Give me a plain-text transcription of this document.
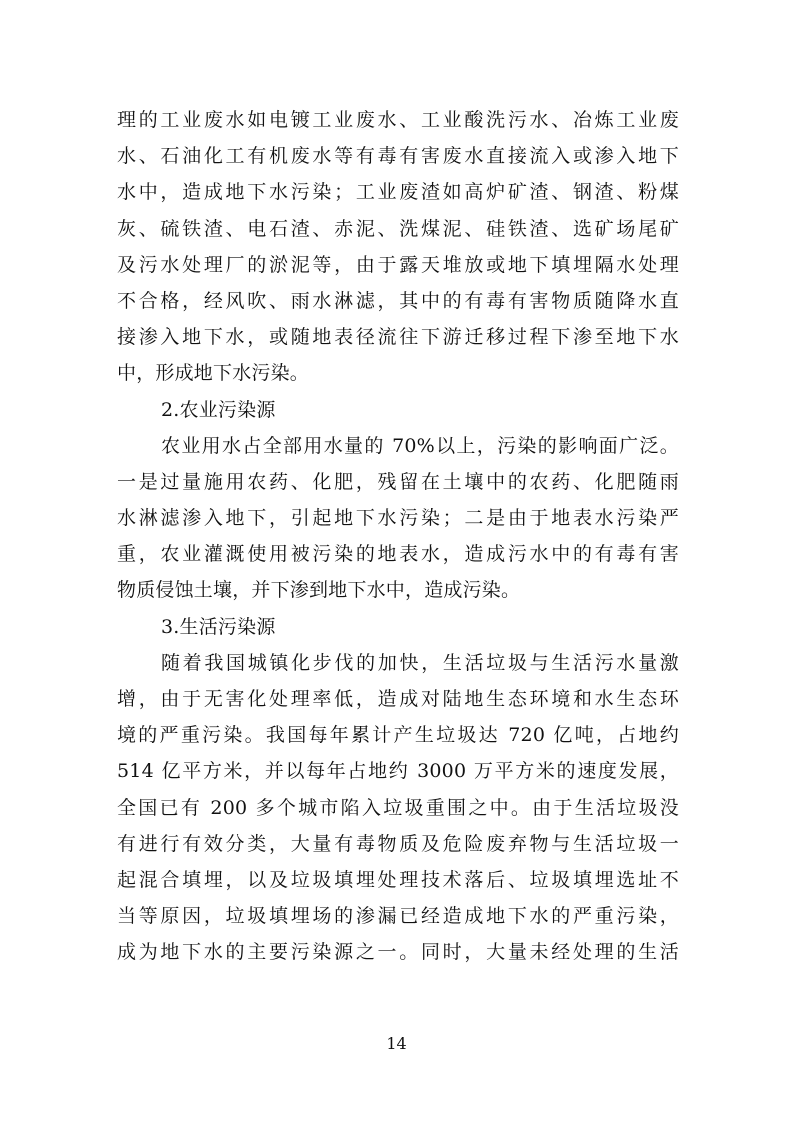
理的工业废水如电镀工业废水、工业酸洗污水、冶炼工业废
水、石油化工有机废水等有毒有害废水直接流入或渗入地下
水中，造成地下水污染；工业废渣如高炉矿渣、钢渣、粉煤
灰、硫铁渣、电石渣、赤泥、洗煤泥、硅铁渣、选矿场尾矿
及污水处理厂的淤泥等，由于露天堆放或地下填埋隔水处理
不合格，经风吹、雨水淋滤，其中的有毒有害物质随降水直
接渗入地下水，或随地表径流往下游迁移过程下渗至地下水
中，形成地下水污染。
2.农业污染源
农业用水占全部用水量的 70%以上，污染的影响面广泛。
一是过量施用农药、化肥，残留在土壤中的农药、化肥随雨
水淋滤渗入地下，引起地下水污染；二是由于地表水污染严
重，农业灌溉使用被污染的地表水，造成污水中的有毒有害
物质侵蚀土壤，并下渗到地下水中，造成污染。
3.生活污染源
随着我国城镇化步伐的加快，生活垃圾与生活污水量激
增，由于无害化处理率低，造成对陆地生态环境和水生态环
境的严重污染。我国每年累计产生垃圾达 720 亿吨，占地约
514 亿平方米，并以每年占地约 3000 万平方米的速度发展，
全国已有 200 多个城市陷入垃圾重围之中。由于生活垃圾没
有进行有效分类，大量有毒物质及危险废弃物与生活垃圾一
起混合填埋，以及垃圾填埋处理技术落后、垃圾填埋选址不
当等原因，垃圾填埋场的渗漏已经造成地下水的严重污染，
成为地下水的主要污染源之一。同时，大量未经处理的生活
14
